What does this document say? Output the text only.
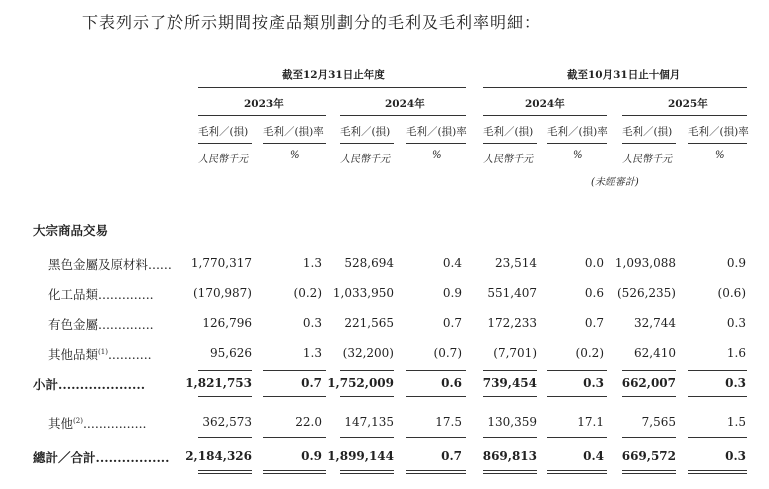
下表列示了於所示期間按產品類別劃分的毛利及毛利率明細：
截至12月31日止年度	截至10月31日止十個月
2023年	2024年	2024年	2025年
毛利／(損) 毛利／(損)率 毛利／(損) 毛利／(損)率 毛利／(損) 毛利／(損)率 毛利／(損) 毛利／(損)率
人民幣千元	%	人民幣千元	%	人民幣千元	%	人民幣千元	%
(未經審計)
大宗商品交易
黑色金屬及原材料......	1,770,317	1.3	528,694	0.4	23,514	0.0 1,093,088	0.9
化工品類..............	(170,987)	(0.2) 1,033,950	0.9	551,407	0.6	(526,235)	(0.6)
有色金屬..............	126,796	0.3	221,565	0.7	172,233	0.7	32,744	0.3
其他品類$^{(1)}$...........	95,626	1.3	(32,200)	(0.7)	(7,701)	(0.2)	62,410	1.6
小計....................	1,821,753	0.7 1,752,009	0.6	739,454	0.3	662,007	0.3
其他$^{(2)}$................	362,573	22.0	147,135	17.5	130,359	17.1	7,565	1.5
總計／合計.................	2,184,326	0.9 1,899,144	0.7	869,813	0.4	669,572	0.3
